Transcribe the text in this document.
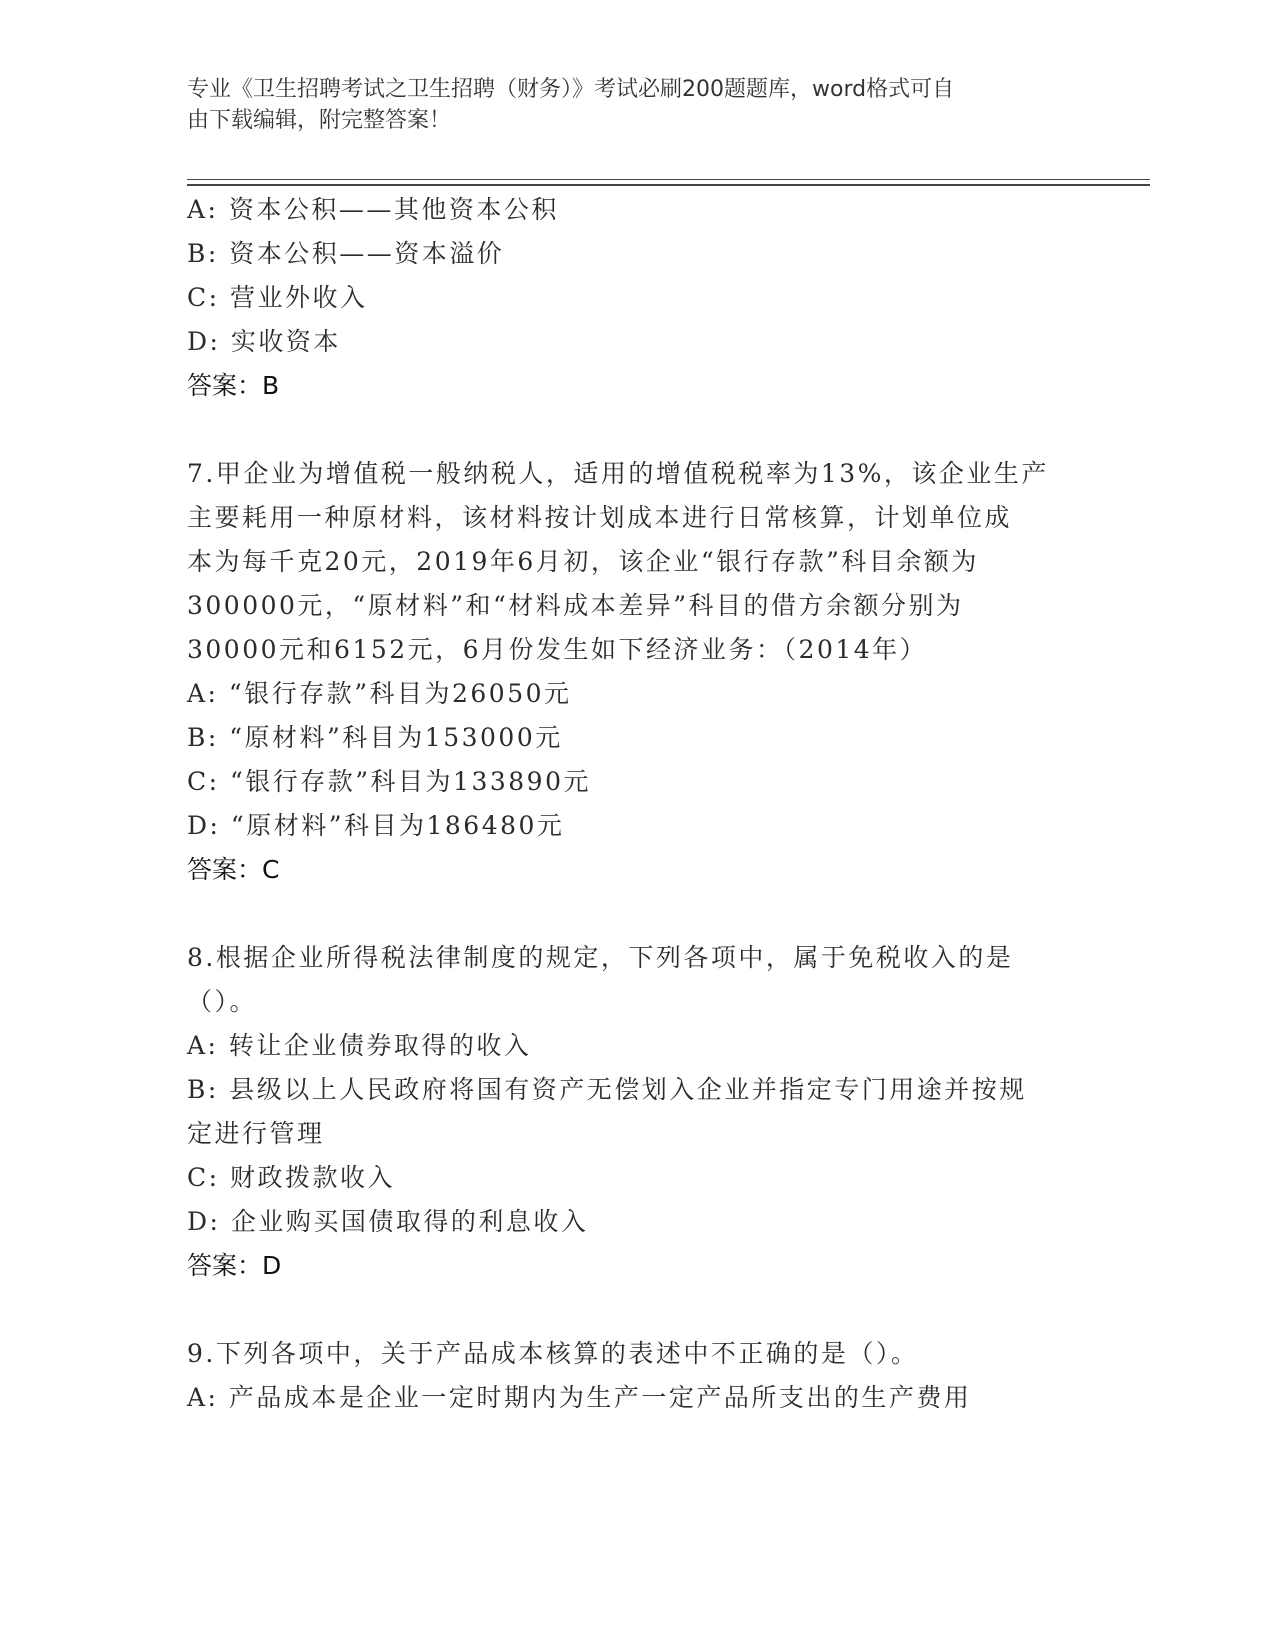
专业《卫生招聘考试之卫生招聘（财务）》考试必刷200题题库，word格式可自
由下载编辑，附完整答案！
A: 资本公积——其他资本公积
B: 资本公积——资本溢价
C: 营业外收入
D: 实收资本
答案：B
7.甲企业为增值税一般纳税人，适用的增值税税率为13%，该企业生产
主要耗用一种原材料，该材料按计划成本进行日常核算，计划单位成
本为每千克20元，2019年6月初，该企业“银行存款”科目余额为
300000元，“原材料”和“材料成本差异”科目的借方余额分别为
30000元和6152元，6月份发生如下经济业务：（2014年）
A: “银行存款”科目为26050元
B: “原材料”科目为153000元
C: “银行存款”科目为133890元
D: “原材料”科目为186480元
答案：C
8.根据企业所得税法律制度的规定，下列各项中，属于免税收入的是
（）。
A: 转让企业债券取得的收入
B: 县级以上人民政府将国有资产无偿划入企业并指定专门用途并按规
定进行管理
C: 财政拨款收入
D: 企业购买国债取得的利息收入
答案：D
9.下列各项中，关于产品成本核算的表述中不正确的是（）。
A: 产品成本是企业一定时期内为生产一定产品所支出的生产费用
